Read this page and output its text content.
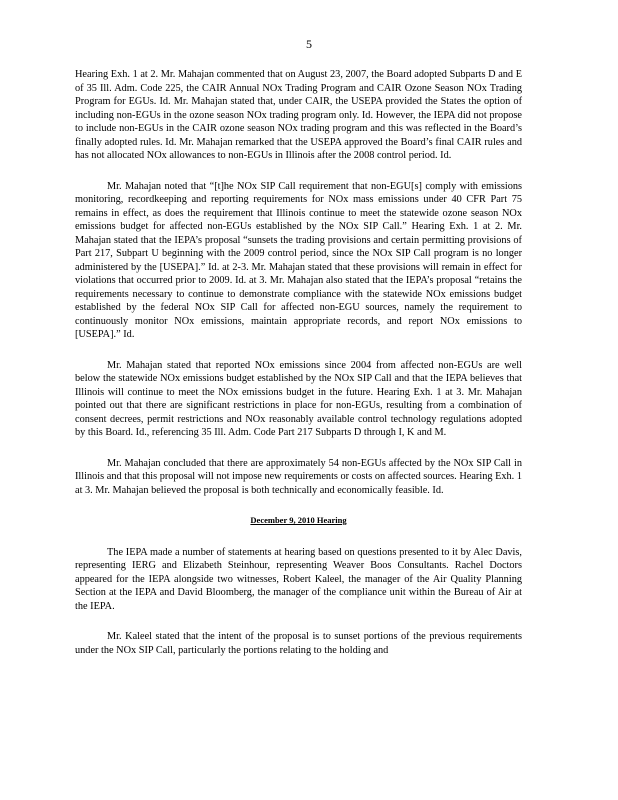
5

Hearing Exh. 1 at 2. Mr. Mahajan commented that on August 23, 2007, the Board adopted Subparts D and E of 35 Ill. Adm. Code 225, the CAIR Annual NOx Trading Program and CAIR Ozone Season NOx Trading Program for EGUs. Id. Mr. Mahajan stated that, under CAIR, the USEPA provided the States the option of including non-EGUs in the ozone season NOx trading program only. Id. However, the IEPA did not propose to include non-EGUs in the CAIR ozone season NOx trading program and this was reflected in the Board’s finally adopted rules. Id. Mr. Mahajan remarked that the USEPA approved the Board’s final CAIR rules and has not allocated NOx allowances to non-EGUs in Illinois after the 2008 control period. Id.

Mr. Mahajan noted that “[t]he NOx SIP Call requirement that non-EGU[s] comply with emissions monitoring, recordkeeping and reporting requirements for NOx mass emissions under 40 CFR Part 75 remains in effect, as does the requirement that Illinois continue to meet the statewide ozone season NOx emissions budget for affected non-EGUs established by the NOx SIP Call.” Hearing Exh. 1 at 2. Mr. Mahajan stated that the IEPA’s proposal “sunsets the trading provisions and certain permitting provisions of Part 217, Subpart U beginning with the 2009 control period, since the NOx SIP Call program is no longer administered by the [USEPA].” Id. at 2-3. Mr. Mahajan stated that these provisions will remain in effect for violations that occurred prior to 2009. Id. at 3. Mr. Mahajan also stated that the IEPA’s proposal “retains the requirements necessary to continue to demonstrate compliance with the statewide NOx emissions budget established by the federal NOx SIP Call for affected non-EGU sources, namely the requirement to continuously monitor NOx emissions, maintain appropriate records, and report NOx emissions to [USEPA].” Id.

Mr. Mahajan stated that reported NOx emissions since 2004 from affected non-EGUs are well below the statewide NOx emissions budget established by the NOx SIP Call and that the IEPA believes that Illinois will continue to meet the NOx emissions budget in the future. Hearing Exh. 1 at 3. Mr. Mahajan pointed out that there are significant restrictions in place for non-EGUs, resulting from a combination of consent decrees, permit restrictions and NOx reasonably available control technology regulations adopted by this Board. Id., referencing 35 Ill. Adm. Code Part 217 Subparts D through I, K and M.

Mr. Mahajan concluded that there are approximately 54 non-EGUs affected by the NOx SIP Call in Illinois and that this proposal will not impose new requirements or costs on affected sources. Hearing Exh. 1 at 3. Mr. Mahajan believed the proposal is both technically and economically feasible. Id.

December 9, 2010 Hearing

The IEPA made a number of statements at hearing based on questions presented to it by Alec Davis, representing IERG and Elizabeth Steinhour, representing Weaver Boos Consultants. Rachel Doctors appeared for the IEPA alongside two witnesses, Robert Kaleel, the manager of the Air Quality Planning Section at the IEPA and David Bloomberg, the manager of the compliance unit within the Bureau of Air at the IEPA.

Mr. Kaleel stated that the intent of the proposal is to sunset portions of the previous requirements under the NOx SIP Call, particularly the portions relating to the holding and
